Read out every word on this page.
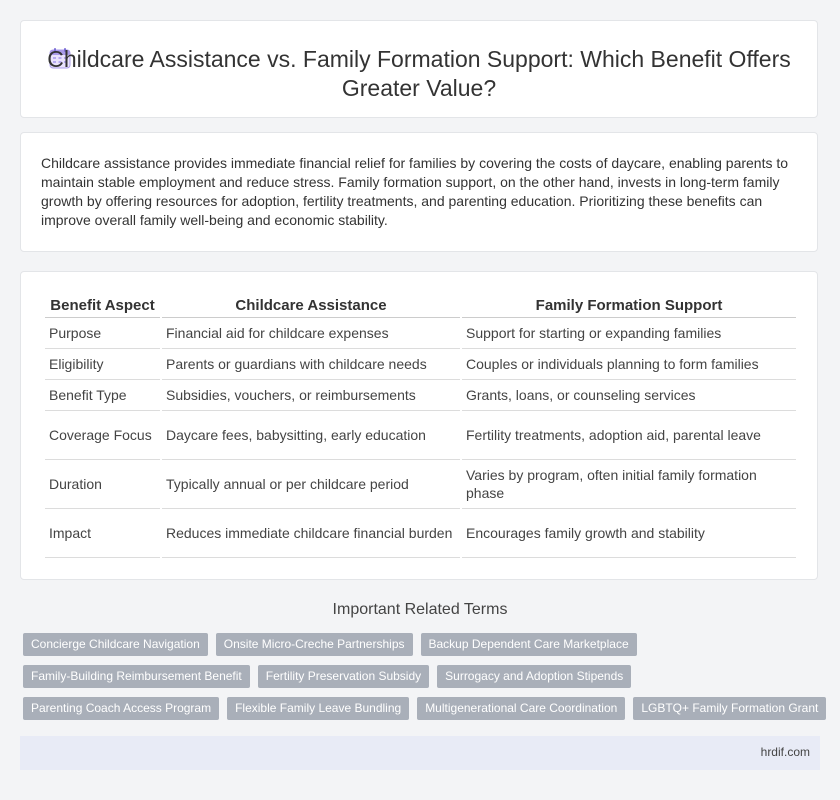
Childcare Assistance vs. Family Formation Support: Which Benefit Offers Greater Value?

Childcare assistance provides immediate financial relief for families by covering the costs of daycare, enabling parents to maintain stable employment and reduce stress. Family formation support, on the other hand, invests in long-term family growth by offering resources for adoption, fertility treatments, and parenting education. Prioritizing these benefits can improve overall family well-being and economic stability.

Benefit Aspect	Childcare Assistance	Family Formation Support
Purpose	Financial aid for childcare expenses	Support for starting or expanding families
Eligibility	Parents or guardians with childcare needs	Couples or individuals planning to form families
Benefit Type	Subsidies, vouchers, or reimbursements	Grants, loans, or counseling services
Coverage Focus	Daycare fees, babysitting, early education	Fertility treatments, adoption aid, parental leave
Duration	Typically annual or per childcare period	Varies by program, often initial family formation phase
Impact	Reduces immediate childcare financial burden	Encourages family growth and stability
Important Related Terms
Concierge Childcare Navigation	Onsite Micro-Creche Partnerships	Backup Dependent Care Marketplace
Family-Building Reimbursement Benefit	Fertility Preservation Subsidy	Surrogacy and Adoption Stipends
Parenting Coach Access Program	Flexible Family Leave Bundling	Multigenerational Care Coordination	LGBTQ+ Family Formation Grant
hrdif.com
